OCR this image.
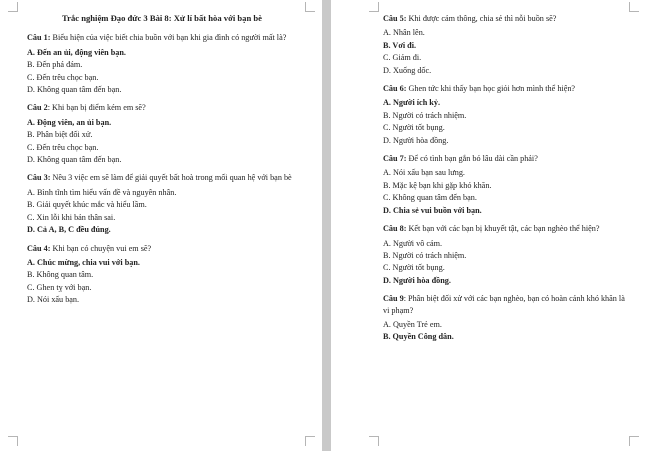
Trắc nghiệm Đạo đức 3 Bài 8: Xử lí bất hòa với bạn bè
Câu 1: Biểu hiện của việc biết chia buồn với bạn khi gia đình có người mất là?
A. Đến an ủi, động viên bạn.
B. Đến phá đám.
C. Đến trêu chọc bạn.
D. Không quan tâm đến bạn.
Câu 2: Khi bạn bị điểm kém em sẽ?
A. Động viên, an ủi bạn.
B. Phân biệt đối xử.
C. Đến trêu chọc bạn.
D. Không quan tâm đến bạn.
Câu 3: Nêu 3 việc em sẽ làm để giải quyết bất hoà trong mối quan hệ với bạn bè
A. Bình tĩnh tìm hiểu vấn đề và nguyên nhân.
B. Giải quyết khúc mắc và hiểu lầm.
C. Xin lỗi khi bản thân sai.
D. Cả A, B, C đều đúng.
Câu 4: Khi bạn có chuyện vui em sẽ?
A. Chúc mừng, chia vui với bạn.
B. Không quan tâm.
C. Ghen tỵ với bạn.
D. Nói xấu bạn.
Câu 5: Khi được cảm thông, chia sẻ thì nỗi buồn sẽ?
A. Nhân lên.
B. Vơi đi.
C. Giảm đi.
D. Xuống dốc.
Câu 6: Ghen tức khi thấy bạn học giỏi hơn mình thể hiện?
A. Người ích kỷ.
B. Người có trách nhiệm.
C. Người tốt bụng.
D. Người hòa đồng.
Câu 7: Để có tình bạn gắn bó lâu dài cần phải?
A. Nói xấu bạn sau lưng.
B. Mặc kệ bạn khi gặp khó khăn.
C. Không quan tâm đến bạn.
D. Chia sẻ vui buồn với bạn.
Câu 8: Kết bạn với các bạn bị khuyết tật, các bạn nghèo thể hiện?
A. Người vô cảm.
B. Người có trách nhiệm.
C. Người tốt bụng.
D. Người hòa đồng.
Câu 9: Phân biệt đối xử với các bạn nghèo, bạn có hoàn cảnh khó khăn là vi phạm?
A. Quyền Trẻ em.
B. Quyền Công dân.
